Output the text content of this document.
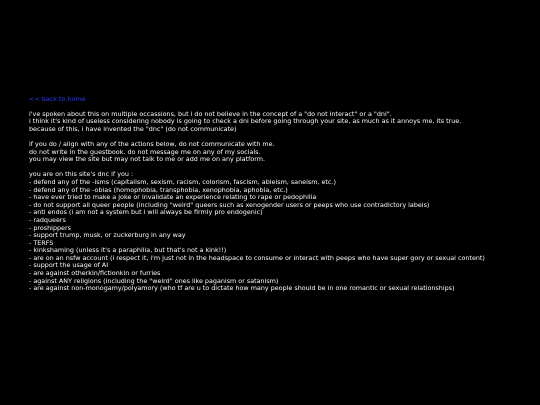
<< back to home
i've spoken about this on multiple occassions, but i do not believe in the concept of a "do not interact" or a "dni".
i think it's kind of useless considering nobody is going to check a dni before going through your site, as much as it annoys me, its true.
because of this, i have invented the "dnc" (do not communicate)
if you do / align with any of the actions below, do not communicate with me.
do not write in the guestbook. do not message me on any of my socials.
you may view the site but may not talk to me or add me on any platform.
you are on this site's dnc if you :
- defend any of the -isms (capitalism, sexism, racism, colorism, fascism, ableism, saneism, etc.)
- defend any of the -obias (homophobia, transphobia, xenophobia, aphobia, etc.)
- have ever tried to make a joke or invalidate an experience relating to rape or pedophilia
- do not support all queer people (including "weird" queers such as xenogender users or peeps who use contradictory labels)
- anti endos (i am not a system but i will always be firmly pro endogenic)
- radqueers
- proshippers
- support trump, musk, or zuckerburg in any way
- TERFS
- kinkshaming (unless it's a paraphilia, but that's not a kink!!)
- are on an nsfw account (i respect it, i'm just not in the headspace to consume or interact with peeps who have super gory or sexual content)
- support the usage of AI
- are against otherkin/fictionkin or furries
- against ANY religions (including the "weird" ones like paganism or satanism)
- are against non-monogamy/polyamory (who tf are u to dictate how many people should be in one romantic or sexual relationships)
